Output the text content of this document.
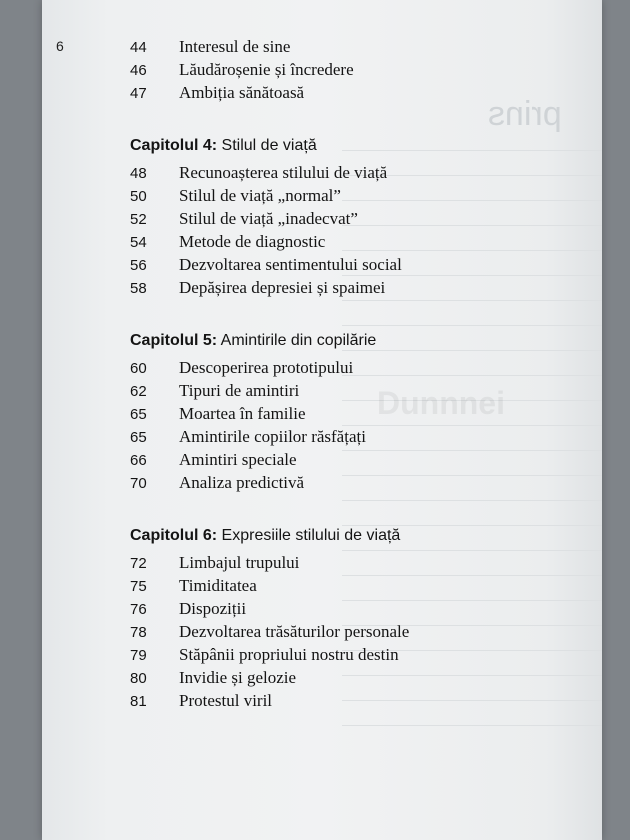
prins
Dunnnei
6	44	Interesul de sine
46	Lăudăroșenie și încredere
47	Ambiția sănătoasă
Capitolul 4: Stilul de viață
48	Recunoașterea stilului de viață
50	Stilul de viață „normal”
52	Stilul de viață „inadecvat”
54	Metode de diagnostic
56	Dezvoltarea sentimentului social
58	Depășirea depresiei și spaimei
Capitolul 5: Amintirile din copilărie
60	Descoperirea prototipului
62	Tipuri de amintiri
65	Moartea în familie
65	Amintirile copiilor răsfățați
66	Amintiri speciale
70	Analiza predictivă
Capitolul 6: Expresiile stilului de viață
72	Limbajul trupului
75	Timiditatea
76	Dispoziții
78	Dezvoltarea trăsăturilor personale
79	Stăpânii propriului nostru destin
80	Invidie și gelozie
81	Protestul viril
